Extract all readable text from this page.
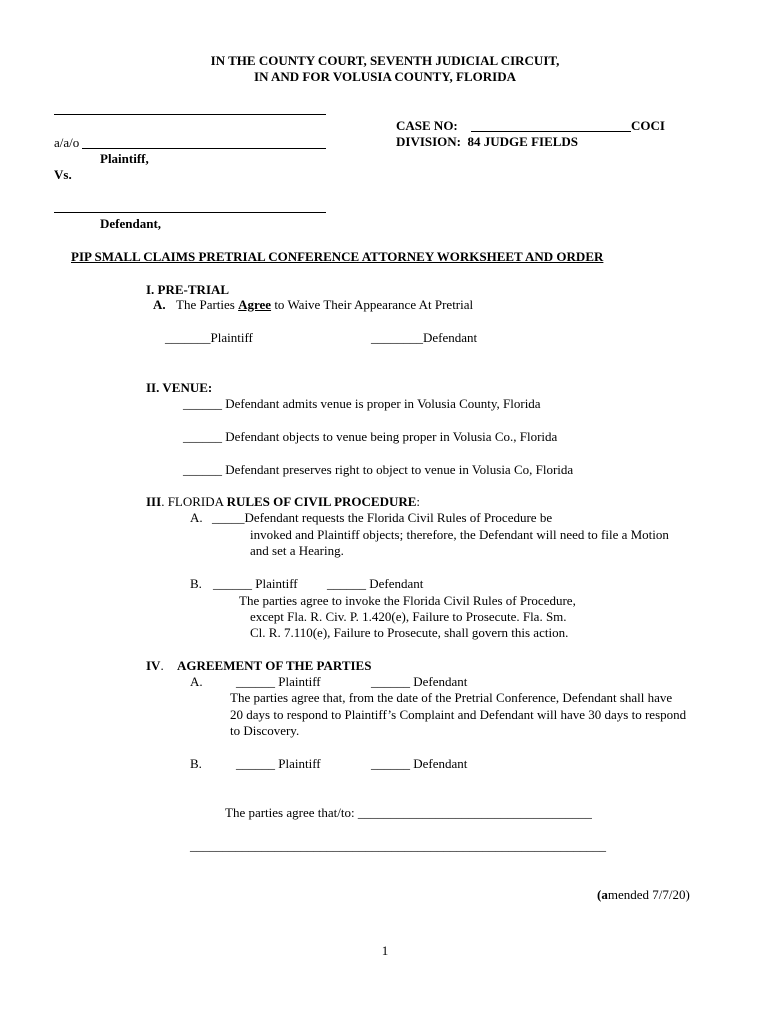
IN THE COUNTY COURT, SEVENTH JUDICIAL CIRCUIT,
IN AND FOR VOLUSIA COUNTY, FLORIDA
a/a/o
Plaintiff,
Vs.
Defendant,
CASE NO:	COCI
DIVISION: 84 JUDGE FIELDS
PIP SMALL CLAIMS PRETRIAL CONFERENCE ATTORNEY WORKSHEET AND ORDER
I. PRE-TRIAL
A. The Parties Agree to Waive Their Appearance At Pretrial
_______Plaintiff	________Defendant
II. VENUE:
______ Defendant admits venue is proper in Volusia County, Florida
______ Defendant objects to venue being proper in Volusia Co., Florida
______ Defendant preserves right to object to venue in Volusia Co, Florida
III. FLORIDA RULES OF CIVIL PROCEDURE:
A. _____Defendant requests the Florida Civil Rules of Procedure be
invoked and Plaintiff objects; therefore, the Defendant will need to file a Motion
and set a Hearing.
B. ______ Plaintiff ______ Defendant
The parties agree to invoke the Florida Civil Rules of Procedure,
except Fla. R. Civ. P. 1.420(e), Failure to Prosecute. Fla. Sm.
Cl. R. 7.110(e), Failure to Prosecute, shall govern this action.
IV. AGREEMENT OF THE PARTIES
A.	______ Plaintiff	______ Defendant
The parties agree that, from the date of the Pretrial Conference, Defendant shall have
20 days to respond to Plaintiff’s Complaint and Defendant will have 30 days to respond
to Discovery.
B.	______ Plaintiff	______ Defendant
The parties agree that/to: ____________________________________
________________________________________________________________
(amended 7/7/20)
1
